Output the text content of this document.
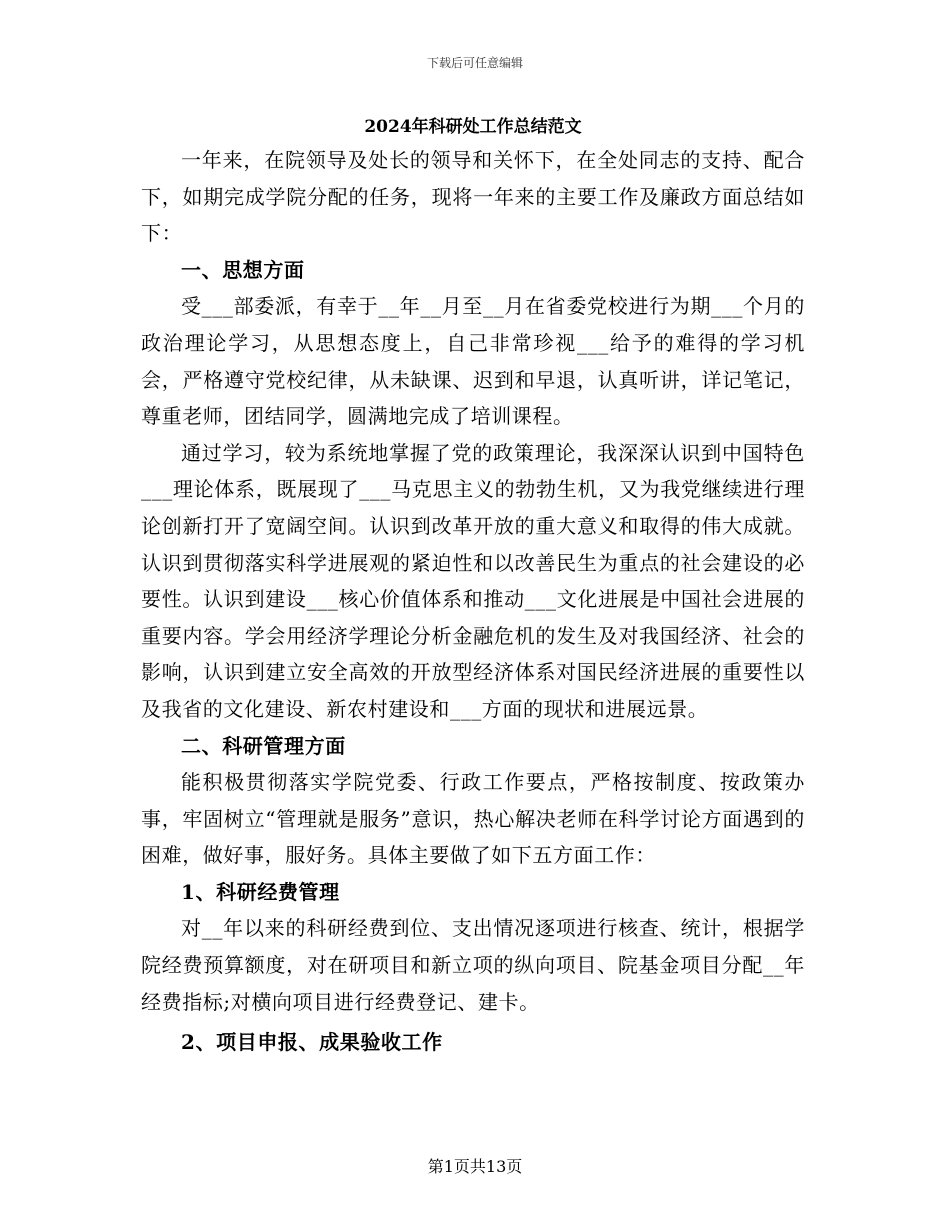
下载后可任意编辑
2024年科研处工作总结范文

一年来，在院领导及处长的领导和关怀下，在全处同志的支持、配合下，如期完成学院分配的任务，现将一年来的主要工作及廉政方面总结如下：

一、思想方面

受___部委派，有幸于__年__月至__月在省委党校进行为期___个月的政治理论学习，从思想态度上，自己非常珍视___给予的难得的学习机会，严格遵守党校纪律，从未缺课、迟到和早退，认真听讲，详记笔记，尊重老师，团结同学，圆满地完成了培训课程。

通过学习，较为系统地掌握了党的政策理论，我深深认识到中国特色___理论体系，既展现了___马克思主义的勃勃生机，又为我党继续进行理论创新打开了宽阔空间。认识到改革开放的重大意义和取得的伟大成就。认识到贯彻落实科学进展观的紧迫性和以改善民生为重点的社会建设的必要性。认识到建设___核心价值体系和推动___文化进展是中国社会进展的重要内容。学会用经济学理论分析金融危机的发生及对我国经济、社会的影响，认识到建立安全高效的开放型经济体系对国民经济进展的重要性以及我省的文化建设、新农村建设和___方面的现状和进展远景。

二、科研管理方面

能积极贯彻落实学院党委、行政工作要点，严格按制度、按政策办事，牢固树立“管理就是服务”意识，热心解决老师在科学讨论方面遇到的困难，做好事，服好务。具体主要做了如下五方面工作：

1、科研经费管理

对__年以来的科研经费到位、支出情况逐项进行核查、统计，根据学院经费预算额度，对在研项目和新立项的纵向项目、院基金项目分配__年经费指标;对横向项目进行经费登记、建卡。

2、项目申报、成果验收工作

第1页共13页
